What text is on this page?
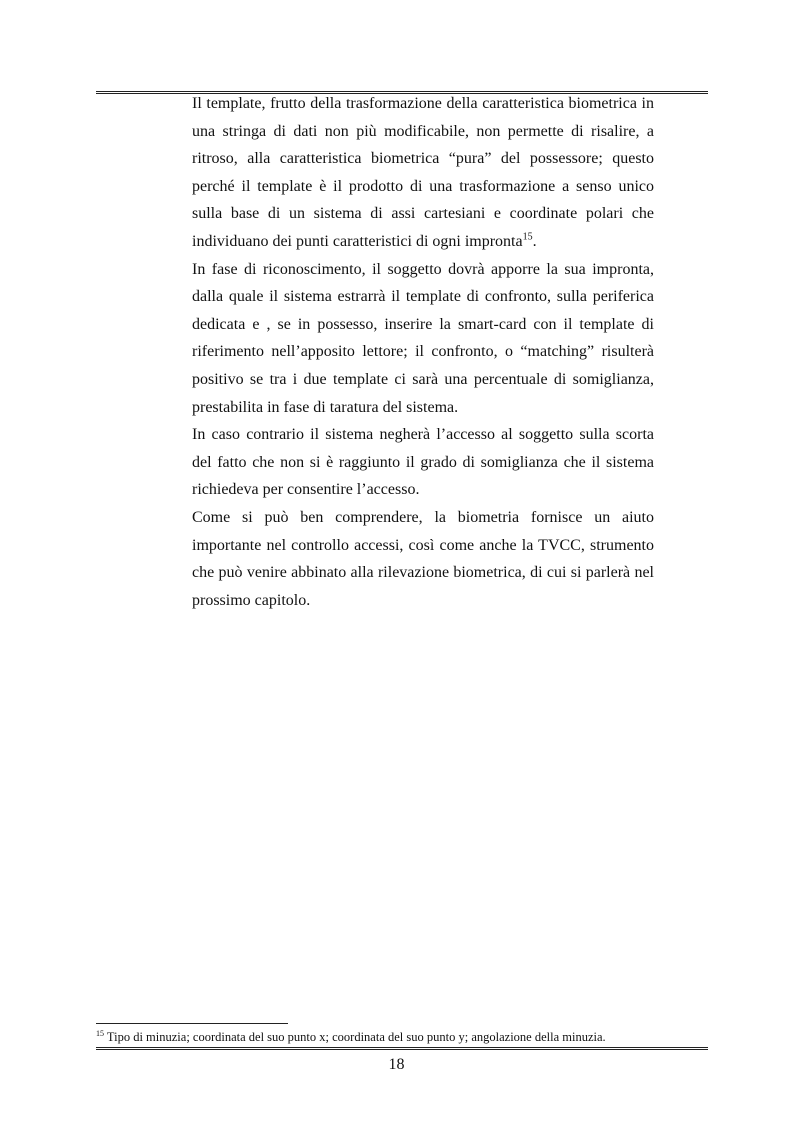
Il template, frutto della trasformazione della caratteristica biometrica in una stringa di dati non più modificabile, non permette di risalire, a ritroso, alla caratteristica biometrica “pura” del possessore; questo perché il template è il prodotto di una trasformazione a senso unico sulla base di un sistema di assi cartesiani e coordinate polari che individuano dei punti caratteristici di ogni impronta$^{15}$.

In fase di riconoscimento, il soggetto dovrà apporre la sua impronta, dalla quale il sistema estrarrà il template di confronto, sulla periferica dedicata e , se in possesso, inserire la smart-card con il template di riferimento nell’apposito lettore; il confronto, o “matching” risulterà positivo se tra i due template ci sarà una percentuale di somiglianza, prestabilita in fase di taratura del sistema.

In caso contrario il sistema negherà l’accesso al soggetto sulla scorta del fatto che non si è raggiunto il grado di somiglianza che il sistema richiedeva per consentire l’accesso.

Come si può ben comprendere, la biometria fornisce un aiuto importante nel controllo accessi, così come anche la TVCC, strumento che può venire abbinato alla rilevazione biometrica, di cui si parlerà nel prossimo capitolo.

$^{15}$ Tipo di minuzia; coordinata del suo punto x; coordinata del suo punto y; angolazione della minuzia.
18
